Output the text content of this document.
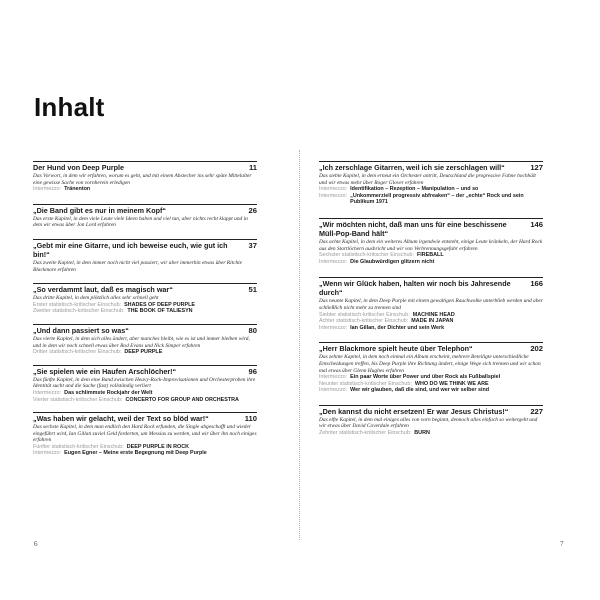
Inhalt
Der Hund von Deep Purple	11
Das Vorwort, in dem wir erfahren, worum es geht, und mit einem Abstecher ins sehr späte Mittelalter eine gewisse Sache von vornherein erledigen
Intermezzo: Tränenton
„Die Band gibt es nur in meinem Kopf“	26
Das erste Kapitel, in dem viele Leute viele Ideen haben und viel tun, aber nichts recht klappt und in dem wir etwas über Jon Lord erfahren
„Gebt mir eine Gitarre, und ich beweise euch, wie gut ich bin!“
37
Das zweite Kapitel, in dem immer noch nicht viel passiert, wir aber immerhin etwas über Ritchie Blackmore erfahren
„So verdammt laut, daß es magisch war“	51
Das dritte Kapitel, in dem plötzlich alles sehr schnell geht
Erster statistisch-kritischer Einschub: SHADES OF DEEP PURPLE
Zweiter statistisch-kritischer Einschub: THE BOOK OF TALIESYN
„Und dann passiert so was“	80
Das vierte Kapitel, in dem sich alles ändert, aber manches bleibt, wie es ist und immer bleiben wird, und in dem wir noch schnell etwas über Rod Evans und Nick Simper erfahren
Dritter statistisch-kritischer Einschub: DEEP PURPLE
„Sie spielen wie ein Haufen Arschlöcher!“	96
Das fünfte Kapitel, in dem eine Band zwischen Heavy-Rock-Improvisationen und Orchesterproben ihre Identität sucht und die Suche (fast) vollständig verliert
Intermezzo: Das schlimmste Rockjahr der Welt
Vierter statistisch-kritischer Einschub: CONCERTO FOR GROUP AND ORCHESTRA
„Was haben wir gelacht, weil der Text so blöd war!“	110
Das sechste Kapitel, in dem man endlich den Hard Rock erfunden, die Single abgeschafft und wieder eingeführt wird, Ian Gillan zuviel Geld forderten, um Messias zu werden, und wir über ihn noch einiges erfahren
Fünfter statistisch-kritischer Einschub: DEEP PURPLE IN ROCK
Intermezzo: Eugen Egner – Meine erste Begegnung mit Deep Purple
„Ich zerschlage Gitarren, weil ich sie zerschlagen will“	127
Das siebte Kapitel, in dem erneut ein Orchester antritt, Deutschland die progressive Fahne hochhält und wir etwas mehr über Roger Glover erfahren
Intermezzo: Identifikation – Rezeption – Manipulation – und so
Intermezzo: „Unkommerziell progressiv abfreaken“ – der „echte“ Rock und sein Publikum 1971
„Wir möchten nicht, daß man uns für eine beschissene Müll-Pop-Band hält“
146
Das achte Kapitel, in dem ein weiteres Album irgendwie entsteht, einige Leute kränkeln, der Hard Rock aus den Startlöchern ausbricht und wir von Verbrennungsgefahr erfahren
Sechster statistisch-kritischer Einschub: FIREBALL
Intermezzo: Die Glaubwürdigen glitzern nicht
„Wenn wir Glück haben, halten wir noch bis Jahresende durch“
166
Das neunte Kapitel, in dem Deep Purple mit einem gewaltigen Rauchwolke unterblieb werden und aber schließlich nicht mehr zu trennen sind
Siebter statistisch-kritischer Einschub: MACHINE HEAD
Achter statistisch-kritischer Einschub: MADE IN JAPAN
Intermezzo: Ian Gillan, der Dichter und sein Werk
„Herr Blackmore spielt heute über Telephon“	202
Das zehnte Kapitel, in dem noch einmal ein Album erscheint, mehrere Beteiligte unterschiedliche Entscheidungen treffen, bis Deep Purple ihre Richtung ändert, einige Wege sich trennen und wir schon mal etwas über Glenn Hughes erfahren
Intermezzo: Ein paar Worte über Power und über Rock als Fußballspiel
Neunter statistisch-kritischer Einschub: WHO DO WE THINK WE ARE
Intermezzo: Wer wir glauben, daß die sind, und wer wir selber sind
„Den kannst du nicht ersetzen! Er war Jesus Christus!“	227
Das elfte Kapitel, in dem mal einiges alles von vorn beginnt, dennoch alles einfach so weitergeht und wir etwas über David Coverdale erfahren
Zehnter statistisch-kritischer Einschub: BURN
6	7
